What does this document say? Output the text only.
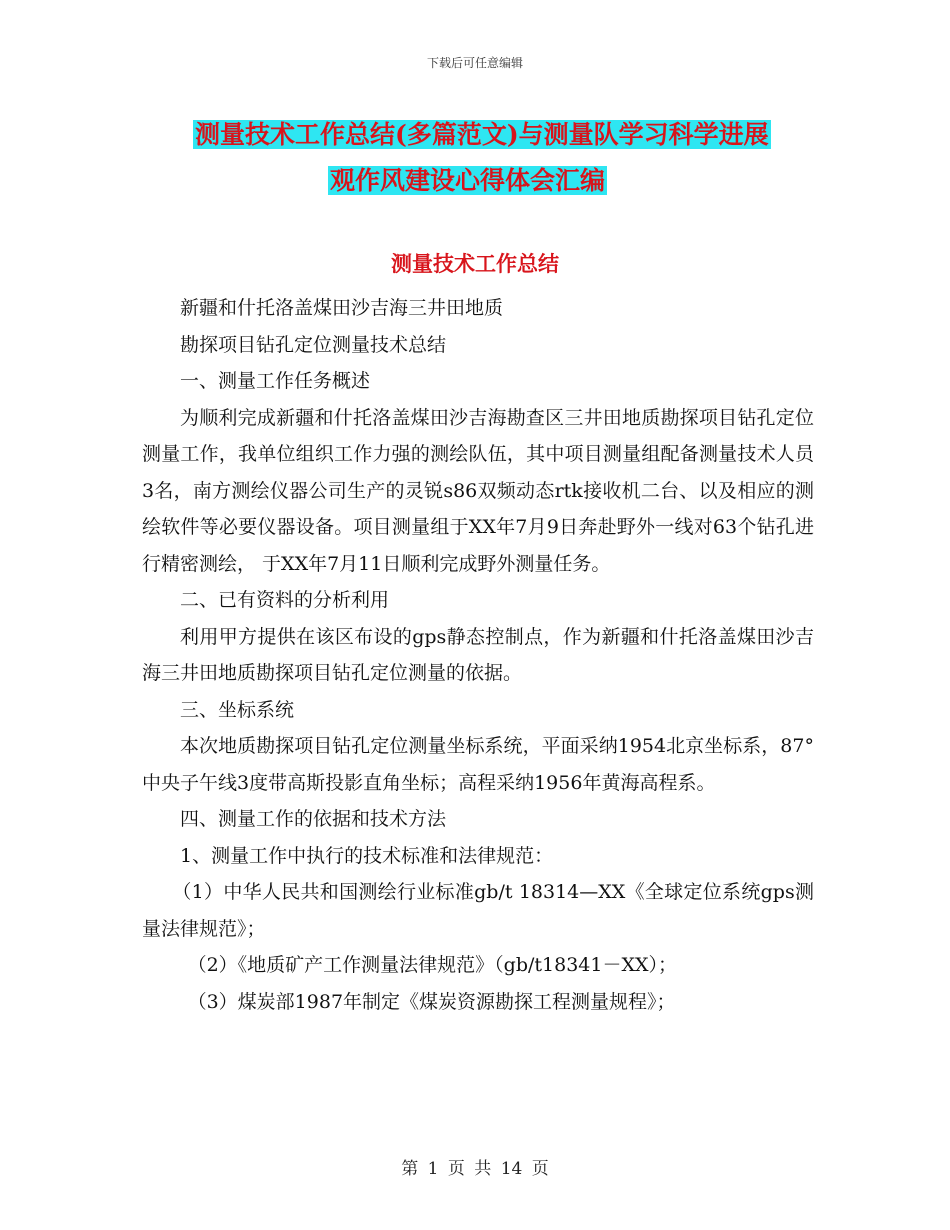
下载后可任意编辑
测量技术工作总结(多篇范文)与测量队学习科学进展
观作风建设心得体会汇编
测量技术工作总结

新疆和什托洛盖煤田沙吉海三井田地质

勘探项目钻孔定位测量技术总结

一、测量工作任务概述

为顺利完成新疆和什托洛盖煤田沙吉海勘查区三井田地质勘探项目钻孔定位测量工作，我单位组织工作力强的测绘队伍，其中项目测量组配备测量技术人员3名，南方测绘仪器公司生产的灵锐s86双频动态rtk接收机二台、以及相应的测绘软件等必要仪器设备。项目测量组于XX年7月9日奔赴野外一线对63个钻孔进行精密测绘， 于XX年7月11日顺利完成野外测量任务。

二、已有资料的分析利用

利用甲方提供在该区布设的gps静态控制点，作为新疆和什托洛盖煤田沙吉海三井田地质勘探项目钻孔定位测量的依据。

三、坐标系统

本次地质勘探项目钻孔定位测量坐标系统，平面采纳1954北京坐标系，87° 中央子午线3度带高斯投影直角坐标；高程采纳1956年黄海高程系。

四、测量工作的依据和技术方法

1、测量工作中执行的技术标准和法律规范：

（1）中华人民共和国测绘行业标准gb/t 18314—XX《全球定位系统gps测量法律规范》；

（2）《地质矿产工作测量法律规范》（gb/t18341－XX）；

（3）煤炭部1987年制定《煤炭资源勘探工程测量规程》；

第 1 页 共 14 页
